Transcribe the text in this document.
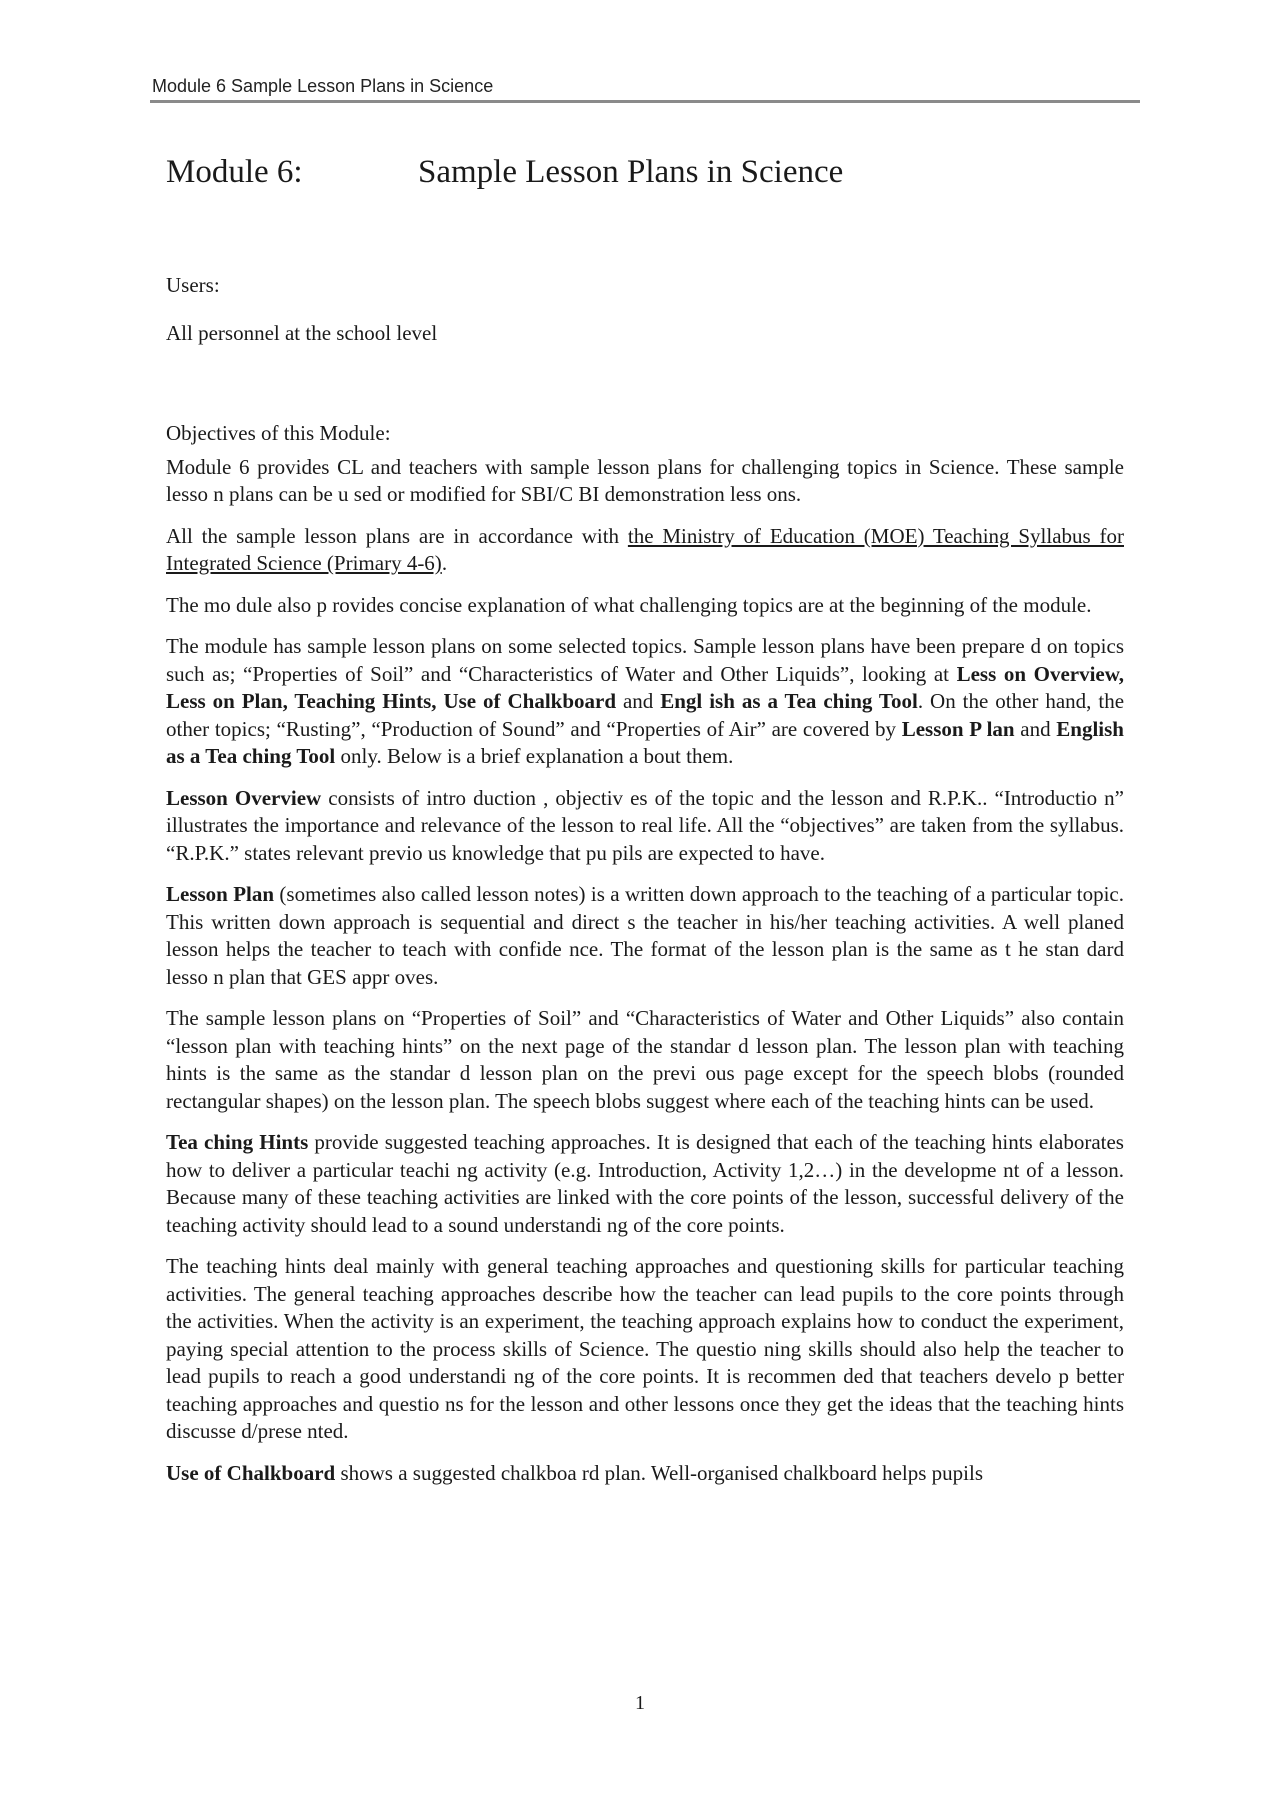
Module 6 Sample Lesson Plans in Science
Module 6:	Sample Lesson Plans in Science

Users:

All personnel at the school level

Objectives of this Module:

Module 6 provides CL and teachers with sample lesson plans for challenging topics in Science. These sample lesso n plans can be u sed or modified for SBI/C BI demonstration less ons.

All the sample lesson plans are in accordance with the Ministry of Education (MOE) Teaching Syllabus for Integrated Science (Primary 4-6).

The mo dule also p rovides concise explanation of what challenging topics are at the beginning of the module.

The module has sample lesson plans on some selected topics. Sample lesson plans have been prepare d on topics such as; “Properties of Soil” and “Characteristics of Water and Other Liquids”, looking at Less on Overview, Less on Plan, Teaching Hints, Use of Chalkboard and Engl ish as a Tea ching Tool. On the other hand, the other topics; “Rusting”, “Production of Sound” and “Properties of Air” are covered by Lesson P lan and English as a Tea ching Tool only. Below is a brief explanation a bout them.

Lesson Overview consists of intro duction , objectiv es of the topic and the lesson and R.P.K.. “Introductio n” illustrates the importance and relevance of the lesson to real life. All the “objectives” are taken from the syllabus. “R.P.K.” states relevant previo us knowledge that pu pils are expected to have.

Lesson Plan (sometimes also called lesson notes) is a written down approach to the teaching of a particular topic. This written down approach is sequential and direct s the teacher in his/her teaching activities. A well planed lesson helps the teacher to teach with confide nce. The format of the lesson plan is the same as t he stan dard lesso n plan that GES appr oves.

The sample lesson plans on “Properties of Soil” and “Characteristics of Water and Other Liquids” also contain “lesson plan with teaching hints” on the next page of the standar d lesson plan. The lesson plan with teaching hints is the same as the standar d lesson plan on the previ ous page except for the speech blobs (rounded rectangular shapes) on the lesson plan. The speech blobs suggest where each of the teaching hints can be used.

Tea ching Hints provide suggested teaching approaches. It is designed that each of the teaching hints elaborates how to deliver a particular teachi ng activity (e.g. Introduction, Activity 1,2…) in the developme nt of a lesson. Because many of these teaching activities are linked with the core points of the lesson, successful delivery of the teaching activity should lead to a sound understandi ng of the core points.

The teaching hints deal mainly with general teaching approaches and questioning skills for particular teaching activities. The general teaching approaches describe how the teacher can lead pupils to the core points through the activities. When the activity is an experiment, the teaching approach explains how to conduct the experiment, paying special attention to the process skills of Science. The questio ning skills should also help the teacher to lead pupils to reach a good understandi ng of the core points. It is recommen ded that teachers develo p better teaching approaches and questio ns for the lesson and other lessons once they get the ideas that the teaching hints discusse d/prese nted.

Use of Chalkboard shows a suggested chalkboa rd plan. Well-organised chalkboard helps pupils

1
